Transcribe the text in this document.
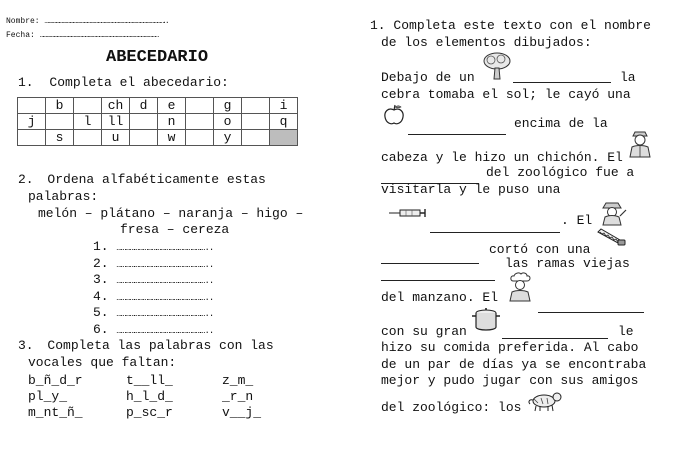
Nombre: ………………………………………………………………………………………………………………..
Fecha: ………………………………………………………………………………………………………………
ABECEDARIO
1. Completa el abecedario:
	b		ch	d	e		g		i
j		l	ll		n		o		q
	s		u		w		y		
2. Ordena alfabéticamente estas
palabras:
melón – plátano – naranja – higo –
fresa – cereza
1. ……………………………………………………..
2. ……………………………………………………..
3. ……………………………………………………..
4. ……………………………………………………..
5. ……………………………………………………..
6. ……………………………………………………..
3. Completa las palabras con las
vocales que faltan:
b_ñ_d_r	t__ll_	z_m_
pl_y_	h_l_d_	_r_n
m_nt_ñ_	p_sc_r	v__j_
1. Completa este texto con el nombre
de los elementos dibujados:
Debajo de un	la
cebra tomaba el sol; le cayó una
encima de la
cabeza y le hizo un chichón. El
del zoológico fue a
visitarla y le puso una
. El
cortó con una
las ramas viejas
del manzano. El
con su gran	le
hizo su comida preferida. Al cabo
de un par de días ya se encontraba
mejor y pudo jugar con sus amigos
del zoológico: los
